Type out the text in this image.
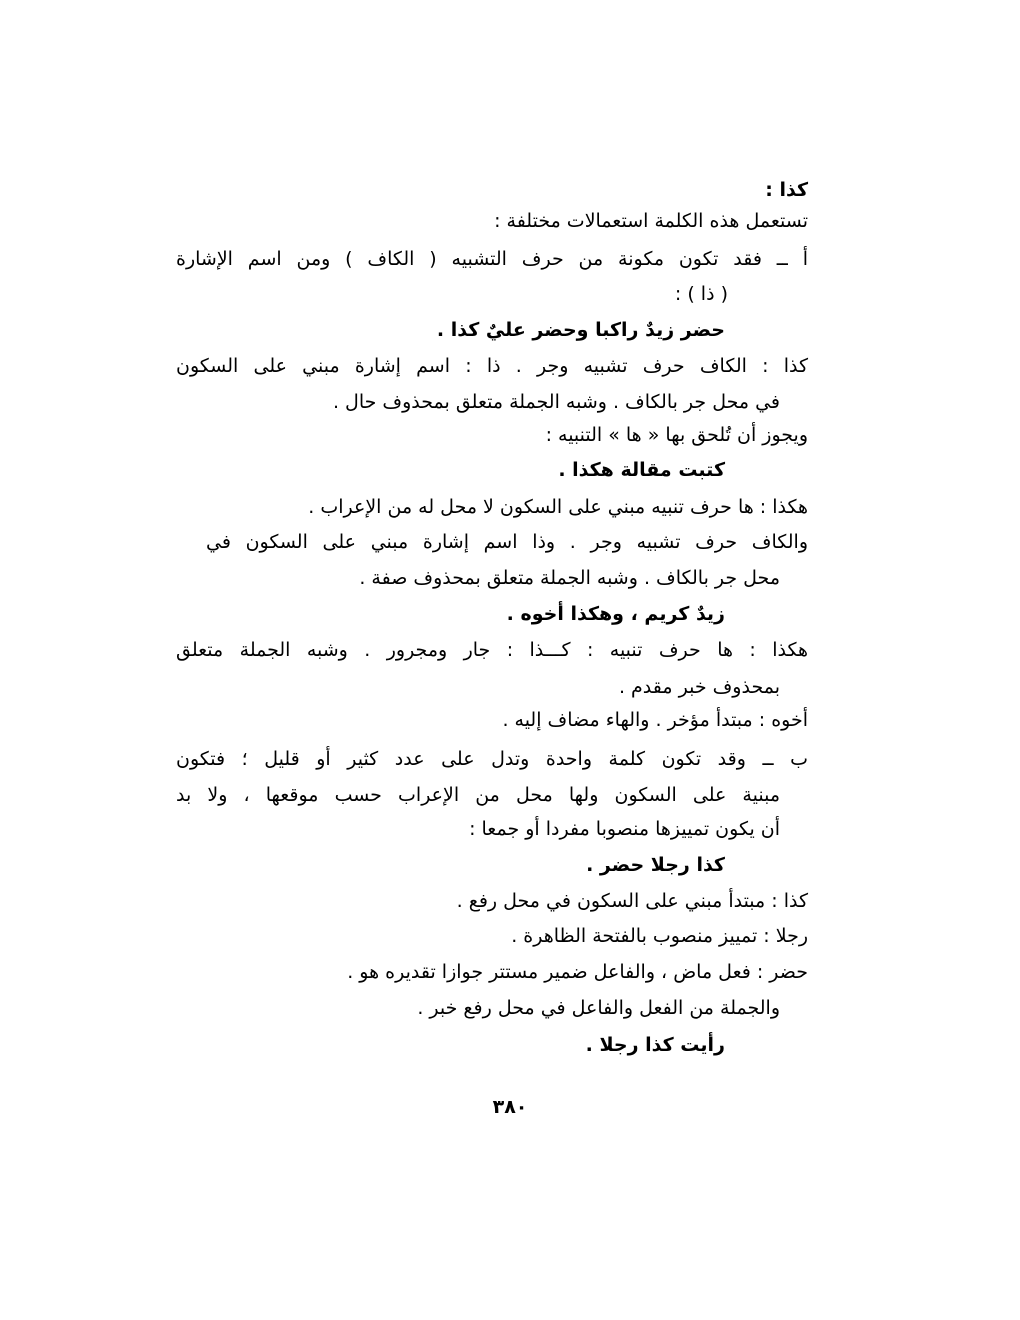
كذا :
تستعمل هذه الكلمة استعمالات مختلفة :
أ ــ فقد تكون مكونة من حرف التشبيه ( الكاف ) ومن اسم الإشارة
( ذا ) :
حضر زيدٌ راكبا وحضر عليٌ كذا .
كذا : الكاف حرف تشبيه وجر . ذا : اسم إشارة مبني على السكون
في محل جر بالكاف . وشبه الجملة متعلق بمحذوف حال .
ويجوز أن تُلحق بها « ها » التنبيه :
كتبت مقالة هكذا .
هكذا : ها حرف تنبيه مبني على السكون لا محل له من الإعراب .
والكاف حرف تشبيه وجر . وذا اسم إشارة مبني على السكون في
محل جر بالكاف . وشبه الجملة متعلق بمحذوف صفة .
زيدٌ كريم ، وهكذا أخوه .
هكذا : ها حرف تنبيه : كـــذا : جار ومجرور . وشبه الجملة متعلق
بمحذوف خبر مقدم .
أخوه : مبتدأ مؤخر . والهاء مضاف إليه .
ب ــ وقد تكون كلمة واحدة وتدل على عدد كثير أو قليل ؛ فتكون
مبنية على السكون ولها محل من الإعراب حسب موقعها ، ولا بد
أن يكون تمييزها منصوبا مفردا أو جمعا :
كذا رجلا حضر .
كذا : مبتدأ مبني على السكون في محل رفع .
رجلا : تمييز منصوب بالفتحة الظاهرة .
حضر : فعل ماض ، والفاعل ضمير مستتر جوازا تقديره هو .
والجملة من الفعل والفاعل في محل رفع خبر .
رأيت كذا رجلا .
٣٨٠
